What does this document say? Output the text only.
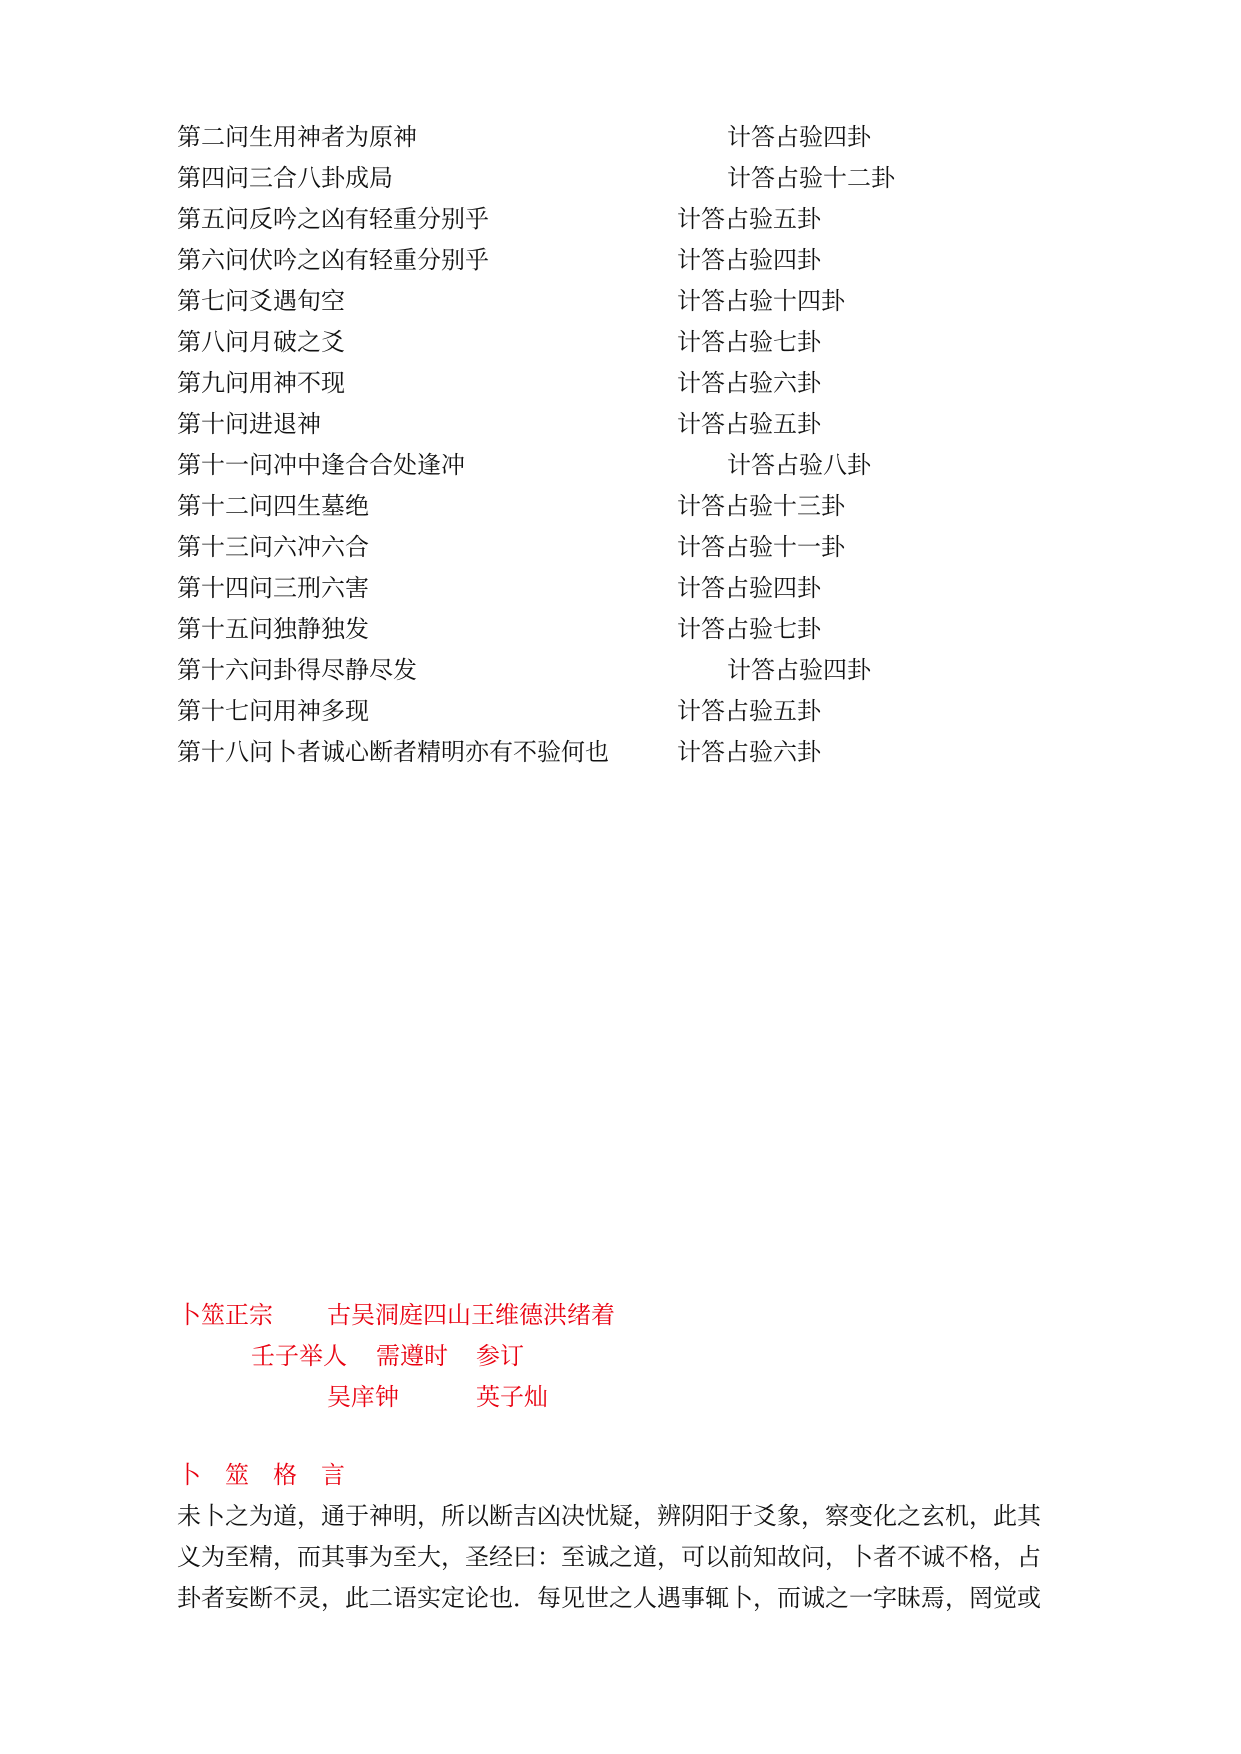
第二问生用神者为原神	计答占验四卦
第四问三合八卦成局	计答占验十二卦
第五问反吟之凶有轻重分别乎	计答占验五卦
第六问伏吟之凶有轻重分别乎	计答占验四卦
第七问爻遇旬空	计答占验十四卦
第八问月破之爻	计答占验七卦
第九问用神不现	计答占验六卦
第十问进退神	计答占验五卦
第十一问冲中逢合合处逢冲	计答占验八卦
第十二问四生墓绝	计答占验十三卦
第十三问六冲六合	计答占验十一卦
第十四问三刑六害	计答占验四卦
第十五问独静独发	计答占验七卦
第十六问卦得尽静尽发	计答占验四卦
第十七问用神多现	计答占验五卦
第十八问卜者诚心断者精明亦有不验何也	计答占验六卦
卜筮正宗 古吴洞庭四山王维德洪绪着
壬子举人 需遵时 参订
吴庠钟	英子灿
卜　筮　格　言

未卜之为道，通于神明，所以断吉凶决忧疑，辨阴阳于爻象，察变化之玄机，此其

义为至精，而其事为至大，圣经曰：至诚之道，可以前知故问，卜者不诚不格，占

卦者妄断不灵，此二语实定论也．每见世之人遇事辄卜，而诚之一字昧焉，罔觉或
